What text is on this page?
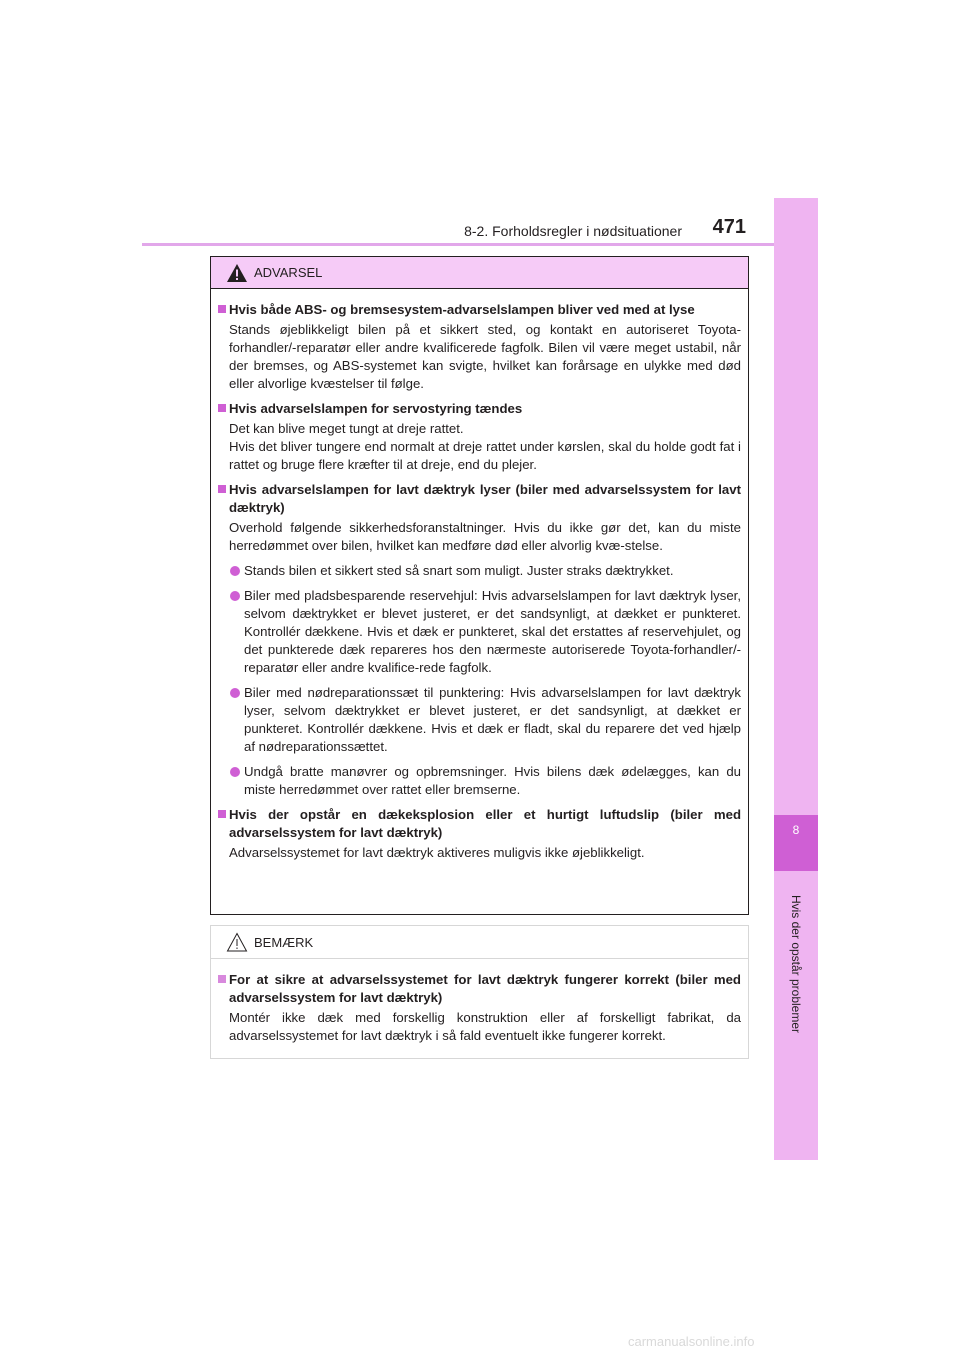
8-2. Forholdsregler i nødsituationer	471
8
Hvis der opstår problemer
ADVARSEL
Hvis både ABS- og bremsesystem-advarselslampen bliver ved med at lyse
Stands øjeblikkeligt bilen på et sikkert sted, og kontakt en autoriseret Toyota-forhandler/-reparatør eller andre kvalificerede fagfolk. Bilen vil være meget ustabil, når der bremses, og ABS-systemet kan svigte, hvilket kan forårsage en ulykke med død eller alvorlige kvæstelser til følge.
Hvis advarselslampen for servostyring tændes
Det kan blive meget tungt at dreje rattet.
Hvis det bliver tungere end normalt at dreje rattet under kørslen, skal du holde godt fat i rattet og bruge flere kræfter til at dreje, end du plejer.
Hvis advarselslampen for lavt dæktryk lyser (biler med advarselssystem for lavt dæktryk)
Overhold følgende sikkerhedsforanstaltninger. Hvis du ikke gør det, kan du miste herredømmet over bilen, hvilket kan medføre død eller alvorlig kvæ-stelse.
Stands bilen et sikkert sted så snart som muligt. Juster straks dæktrykket.
Biler med pladsbesparende reservehjul: Hvis advarselslampen for lavt dæktryk lyser, selvom dæktrykket er blevet justeret, er det sandsynligt, at dækket er punkteret. Kontrollér dækkene. Hvis et dæk er punkteret, skal det erstattes af reservehjulet, og det punkterede dæk repareres hos den nærmeste autoriserede Toyota-forhandler/-reparatør eller andre kvalifice-rede fagfolk.
Biler med nødreparationssæt til punktering: Hvis advarselslampen for lavt dæktryk lyser, selvom dæktrykket er blevet justeret, er det sandsynligt, at dækket er punkteret. Kontrollér dækkene. Hvis et dæk er fladt, skal du reparere det ved hjælp af nødreparationssættet.
Undgå bratte manøvrer og opbremsninger. Hvis bilens dæk ødelægges, kan du miste herredømmet over rattet eller bremserne.
Hvis der opstår en dækeksplosion eller et hurtigt luftudslip (biler med advarselssystem for lavt dæktryk)
Advarselssystemet for lavt dæktryk aktiveres muligvis ikke øjeblikkeligt.
BEMÆRK
For at sikre at advarselssystemet for lavt dæktryk fungerer korrekt (biler med advarselssystem for lavt dæktryk)
Montér ikke dæk med forskellig konstruktion eller af forskelligt fabrikat, da advarselssystemet for lavt dæktryk i så fald eventuelt ikke fungerer korrekt.
carmanualsonline.info
